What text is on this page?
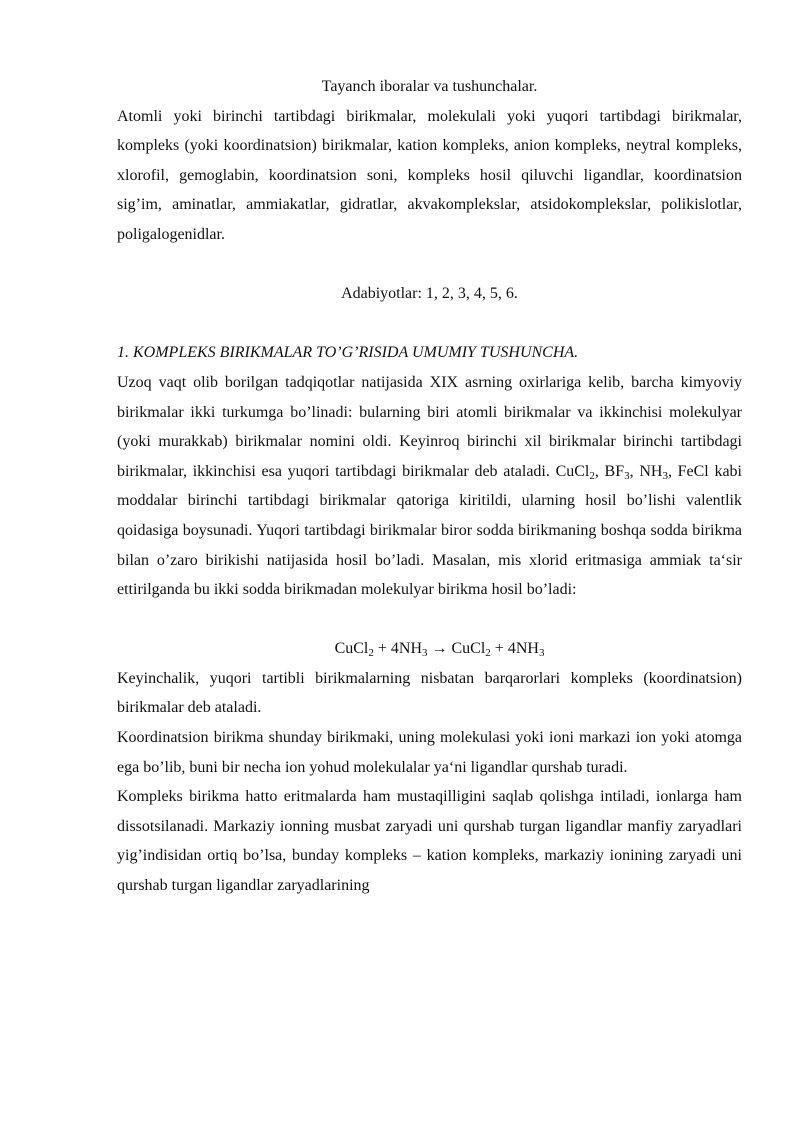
Tayanch iboralar va tushunchalar.

Atomli yoki birinchi tartibdagi birikmalar, molekulali yoki yuqori tartibdagi birikmalar, kompleks (yoki koordinatsion) birikmalar, kation kompleks, anion kompleks, neytral kompleks, xlorofil, gemoglabin, koordinatsion soni, kompleks hosil qiluvchi ligandlar, koordinatsion sig’im, aminatlar, ammiakatlar, gidratlar, akvakomplekslar, atsidokomplekslar, polikislotlar, poligalogenidlar.

Adabiyotlar: 1, 2, 3, 4, 5, 6.

1. KOMPLEKS BIRIKMALAR TO’G’RISIDA UMUMIY TUSHUNCHA.

Uzoq vaqt olib borilgan tadqiqotlar natijasida XIX asrning oxirlariga kelib, barcha kimyoviy birikmalar ikki turkumga bo’linadi: bularning biri atomli birikmalar va ikkinchisi molekulyar (yoki murakkab) birikmalar nomini oldi. Keyinroq birinchi xil birikmalar birinchi tartibdagi birikmalar, ikkinchisi esa yuqori tartibdagi birikmalar deb ataladi. CuCl$_2$, $BF_3$, $NH_3$, FeCl kabi moddalar birinchi tartibdagi birikmalar qatoriga kiritildi, ularning hosil bo’lishi valentlik qoidasiga boysunadi. Yuqori tartibdagi birikmalar biror sodda birikmaning boshqa sodda birikma bilan o’zaro birikishi natijasida hosil bo’ladi. Masalan, mis xlorid eritmasiga ammiak ta‘sir ettirilganda bu ikki sodda birikmadan molekulyar birikma hosil bo’ladi:

CuCl$_2$ + $4NH_3$ → CuCl$_2$ + $4NH_3$

Keyinchalik, yuqori tartibli birikmalarning nisbatan barqarorlari kompleks (koordinatsion) birikmalar deb ataladi.

Koordinatsion birikma shunday birikmaki, uning molekulasi yoki ioni markazi ion yoki atomga ega bo’lib, buni bir necha ion yohud molekulalar ya‘ni ligandlar qurshab turadi.

Kompleks birikma hatto eritmalarda ham mustaqilligini saqlab qolishga intiladi, ionlarga ham dissotsilanadi. Markaziy ionning musbat zaryadi uni qurshab turgan ligandlar manfiy zaryadlari yig’indisidan ortiq bo’lsa, bunday kompleks – kation kompleks, markaziy ionining zaryadi uni qurshab turgan ligandlar zaryadlarining
